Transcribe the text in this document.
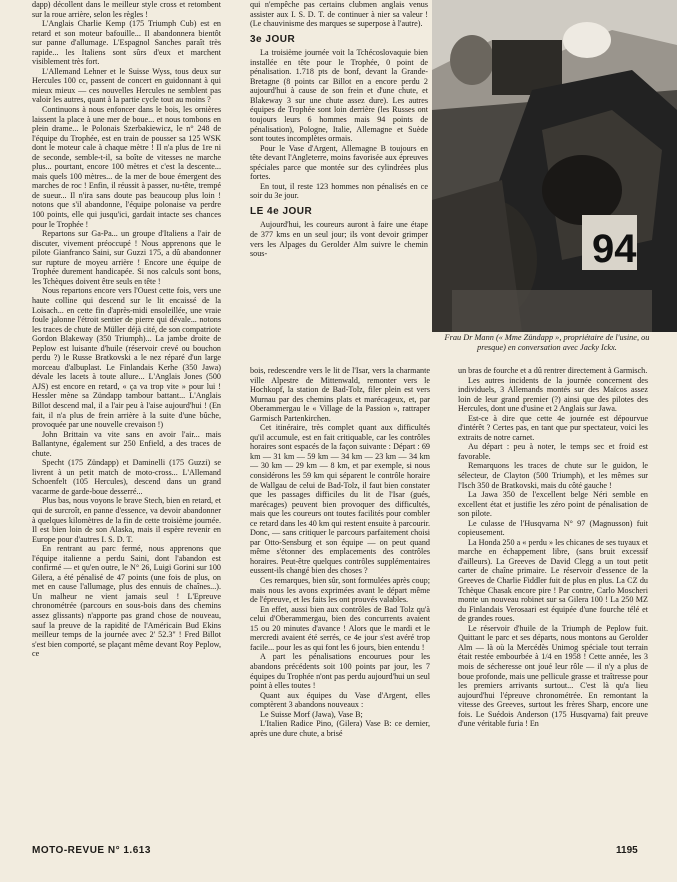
dapp) décollent dans le meilleur style cross et retombent sur la roue arrière, selon les règles !

L'Anglais Charlie Kemp (175 Triumph Cub) est en retard et son moteur bafouille... Il abandonnera bientôt sur panne d'allumage. L'Espagnol Sanches paraît très rapide... les Italiens sont sûrs d'eux et marchent visiblement très fort.

L'Allemand Lehner et le Suisse Wyss, tous deux sur Hercules 100 cc, passent de concert en guidonnant à qui mieux mieux — ces nouvelles Hercules ne semblent pas valoir les autres, quant à la partie cycle tout au moins ?

Continuons à nous enfoncer dans le bois, les ornières laissent la place à une mer de boue... et nous tombons en plein drame... le Polonais Szerbakiewicz, le n° 248 de l'équipe du Trophée, est en train de pousser sa 125 WSK dont le moteur cale à chaque mètre ! Il n'a plus de 1re ni de seconde, semble-t-il, sa boîte de vitesses ne marche plus... pourtant, encore 100 mètres et c'est la descente... mais quels 100 mètres... de la mer de boue émergent des marches de roc ! Enfin, il réussit à passer, nu-tête, trempé de sueur... Il n'ira sans doute pas beaucoup plus loin ! notons que s'il abandonne, l'équipe polonaise va perdre 100 points, elle qui jusqu'ici, gardait intacte ses chances pour le Trophée !

Repartons sur Ga-Pa... un groupe d'Italiens a l'air de discuter, vivement préoccupé ! Nous apprenons que le pilote Gianfranco Saini, sur Guzzi 175, a dû abandonner sur rupture de moyeu arrière ! Encore une équipe de Trophée durement handicapée. Si nos calculs sont bons, les Tchèques doivent être seuls en tête !

Nous repartons encore vers l'Ouest cette fois, vers une haute colline qui descend sur le lit encaissé de la Loisach... en cette fin d'après-midi ensoleillée, une vraie foule jalonne l'étroit sentier de pierre qui dévale... notons les traces de chute de Müller déjà cité, de son compatriote Gordon Blakeway (350 Triumph)... La jambe droite de Peplow est luisante d'huile (réservoir crevé ou bouchon perdu ?) le Russe Bratkovski a le nez réparé d'un large morceau d'albuplast. Le Finlandais Kerhe (350 Jawa) dévale les lacets à toute allure... L'Anglais Jones (500 AJS) est encore en retard, « ça va trop vite » pour lui ! Hessler mène sa Zündapp tambour battant... L'Anglais Billot descend mal, il a l'air peu à l'aise aujourd'hui ! (En fait, il n'a plus de frein arrière à la suite d'une bûche, provoquée par une nouvelle crevaison !)

John Brittain va vite sans en avoir l'air... mais Ballantyne, également sur 250 Enfield, a des traces de chute.

Specht (175 Zündapp) et Daminelli (175 Guzzi) se livrent à un petit match de moto-cross... L'Allemand Schoenfelt (105 Hercules), descend dans un grand vacarme de garde-boue desserré...

Plus bas, nous voyons le brave Stech, bien en retard, et qui de surcroît, en panne d'essence, va devoir abandonner à quelques kilomètres de la fin de cette troisième journée. Il est bien loin de son Alaska, mais il espère revenir en Europe pour d'autres I. S. D. T.

En rentrant au parc fermé, nous apprenons que l'équipe italienne a perdu Saini, dont l'abandon est confirmé — et qu'en outre, le N° 26, Luigi Gorini sur 100 Gilera, a été pénalisé de 47 points (une fois de plus, on met en cause l'allumage, plus des ennuis de chaînes...). Un malheur ne vient jamais seul ! L'Epreuve chronométrée (parcours en sous-bois dans des chemins assez glissants) n'apporte pas grand chose de nouveau, sauf la preuve de la rapidité de l'Américain Bud Ekins meilleur temps de la journée avec 2' 52.3" ! Fred Billot s'est bien comporté, se plaçant même devant Roy Peplow, ce

qui n'empêche pas certains clubmen anglais venus assister aux I. S. D. T. de continuer à nier sa valeur ! (Le chauvinisme des marques se superpose à l'autre).

3e JOUR

La troisième journée voit la Tchécoslovaquie bien installée en tête pour le Trophée, 0 point de pénalisation. 1.718 pts de bonf, devant la Grande-Bretagne (8 points car Billot en a encore perdu 2 aujourd'hui à cause de son frein et d'une chute, et Blakeway 3 sur une chute assez dure). Les autres équipes de Trophée sont loin derrière (les Russes ont toujours leurs 6 hommes mais 94 points de pénalisation), Pologne, Italie, Allemagne et Suède sont toutes incomplètes ormais.

Pour le Vase d'Argent, Allemagne B toujours en tête devant l'Angleterre, moins favorisée aux épreuves spéciales parce que montée sur des cylindrées plus fortes.

En tout, il reste 123 hommes non pénalisés en ce soir du 3e jour.

LE 4e JOUR

Aujourd'hui, les coureurs auront à faire une étape de 377 kms en un seul jour; ils vont devoir grimper vers les Alpages du Gerolder Alm suivre le chemin sous-	94
Frau Dr Mann (« Mme Zündapp », propriétaire de l'usine, ou presque) en conversation avec Jacky Ickx.

bois, redescendre vers le lit de l'Isar, vers la charmante ville Alpestre de Mittenwald, remonter vers le Hochkopf, la station de Bad-Tolz, filer plein est vers Murnau par des chemins plats et marécageux, et, par Oberammergau le « Village de la Passion », rattraper Garmisch Partenkirchen.

Cet itinéraire, très complet quant aux difficultés qu'il accumule, est en fait critiquable, car les contrôles horaires sont espacés de la façon suivante : Départ : 69 km — 31 km — 59 km — 34 km — 23 km — 34 km — 30 km — 29 km — 8 km, et par exemple, si nous considérons les 59 km qui séparent le contrôle horaire de Wallgau de celui de Bad-Tolz, il faut bien constater que les passages difficiles du lit de l'Isar (gués, marécages) peuvent bien provoquer des difficultés, mais que les coureurs ont toutes facilités pour combler ce retard dans les 40 km qui restent ensuite à parcourir. Donc, — sans critiquer le parcours parfaitement choisi par Otto-Sensburg et son équipe — on peut quand même s'étonner des emplacements des contrôles horaires. Peut-être quelques contrôles supplémentaires eussent-ils changé bien des choses ?

Ces remarques, bien sûr, sont formulées après coup; mais nous les avons exprimées avant le départ même de l'épreuve, et les faits les ont prouvés valables.

En effet, aussi bien aux contrôles de Bad Tolz qu'à celui d'Oberammergau, bien des concurrents avaient 15 ou 20 minutes d'avance ! Alors que le mardi et le mercredi avaient été serrés, ce 4e jour s'est avéré trop facile... pour les as qui font les 6 jours, bien entendu !

A part les pénalisations encourues pour les abandons précédents soit 100 points par jour, les 7 équipes du Trophée n'ont pas perdu aujourd'hui un seul point à elles toutes !

Quant aux équipes du Vase d'Argent, elles comptèrent 3 abandons nouveaux :

Le Suisse Morf (Jawa), Vase B;

L'Italien Radice Pino, (Gilera) Vase B: ce dernier, après une dure chute, a brisé

un bras de fourche et a dû rentrer directement à Garmisch.

Les autres incidents de la journée concernent des individuels, 3 Allemands montés sur des Maïcos assez loin de leur grand premier (?) ainsi que des pilotes des Hercules, dont une d'usine et 2 Anglais sur Jawa.

Est-ce à dire que cette 4e journée est dépourvue d'intérêt ? Certes pas, en tant que pur spectateur, voici les extraits de notre carnet.

Au départ : peu à noter, le temps sec et froid est favorable.

Remarquons les traces de chute sur le guidon, le sélecteur, de Clayton (500 Triumph), et les mêmes sur l'Isch 350 de Bratkovski, mais du côté gauche !

La Jawa 350 de l'excellent belge Néri semble en excellent état et justifie les zéro point de pénalisation de son pilote.

Le culasse de l'Husqvarna N° 97 (Magnusson) fuit copieusement.

La Honda 250 a « perdu » les chicanes de ses tuyaux et marche en échappement libre, (sans bruit excessif d'ailleurs). La Greeves de David Clegg a un tout petit carter de chaîne primaire. Le réservoir d'essence de la Greeves de Charlie Fiddler fuit de plus en plus. La CZ du Tchèque Chasak encore pire ! Par contre, Carlo Moscheri monte un nouveau robinet sur sa Gilera 100 ! La 250 MZ du Finlandais Verosaari est équipée d'une fourche télé et de grandes roues.

Le réservoir d'huile de la Triumph de Peplow fuit. Quittant le parc et ses départs, nous montons au Gerolder Alm — là où la Mercédès Unimog spéciale tout terrain était restée embourbée à 1/4 en 1958 ! Cette année, les 3 mois de sécheresse ont joué leur rôle — il n'y a plus de boue profonde, mais une pellicule grasse et traîtresse pour les premiers arrivants surtout... C'est là qu'a lieu aujourd'hui l'épreuve chronométrée. En remontant la vitesse des Greeves, surtout les frères Sharp, encore une fois. Le Suédois Anderson (175 Husqvarna) fait preuve d'une véritable furia ! En

MOTO-REVUE N° 1.613	1195
